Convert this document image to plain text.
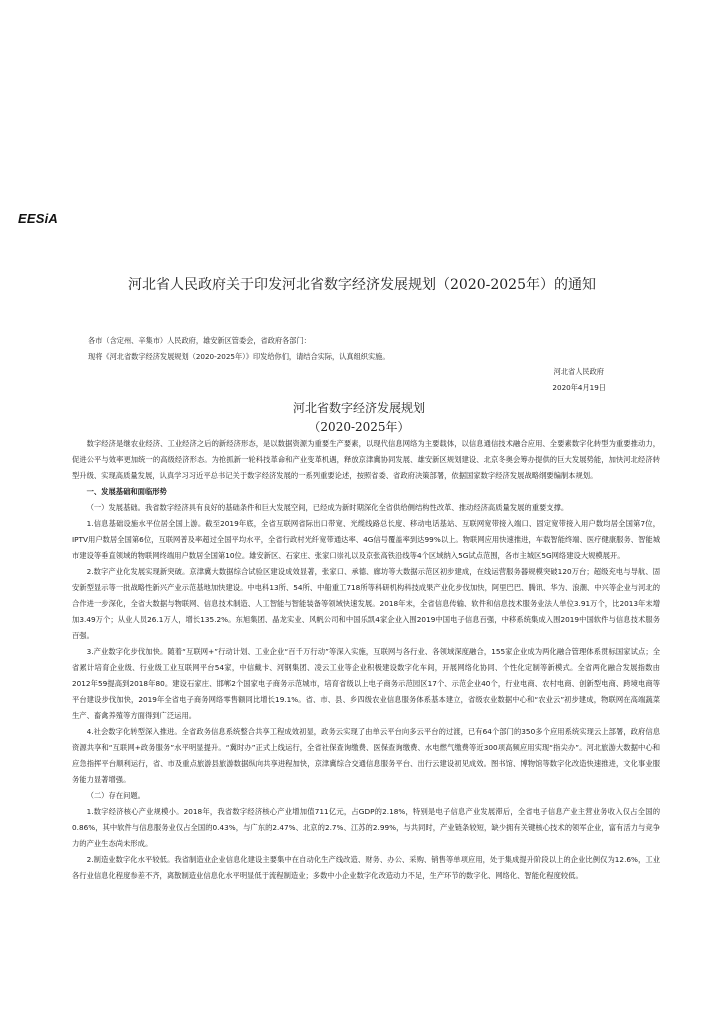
EESiA
河北省人民政府关于印发河北省数字经济发展规划（2020-2025年）的通知
各市（含定州、辛集市）人民政府，雄安新区管委会，省政府各部门：
现将《河北省数字经济发展规划（2020-2025年）》印发给你们，请结合实际，认真组织实施。
河北省人民政府
2020年4月19日
河北省数字经济发展规划
（2020-2025年）

数字经济是继农业经济、工业经济之后的新经济形态，是以数据资源为重要生产要素，以现代信息网络为主要载体，以信息通信技术融合应用、全要素数字化转型为重要推动力，促进公平与效率更加统一的高级经济形态。为抢抓新一轮科技革命和产业变革机遇，释放京津冀协同发展、雄安新区规划建设、北京冬奥会筹办提供的巨大发展势能，加快河北经济转型升级、实现高质量发展，认真学习习近平总书记关于数字经济发展的一系列重要论述，按照省委、省政府决策部署，依据国家数字经济发展战略纲要编制本规划。

一、发展基础和面临形势

（一）发展基础。我省数字经济具有良好的基础条件和巨大发展空间，已经成为新时期深化全省供给侧结构性改革、推动经济高质量发展的重要支撑。

1.信息基础设施水平位居全国上游。截至2019年底，全省互联网省际出口带宽、光缆线路总长度、移动电话基站、互联网宽带接入端口、固定宽带接入用户数均居全国第7位，IPTV用户数居全国第6位，互联网普及率超过全国平均水平，全省行政村光纤宽带通达率、4G信号覆盖率到达99%以上。物联网应用快速推进，车载智能终端、医疗健康服务、智能城市建设等垂直领域的物联网终端用户数居全国第10位。雄安新区、石家庄、张家口崇礼以及京张高铁沿线等4个区域纳入5G试点范围，各市主城区5G网络建设大规模展开。

2.数字产业化发展实现新突破。京津冀大数据综合试验区建设成效显著，张家口、承德、廊坊等大数据示范区初步建成，在线运营服务器规模突破120万台；超级充电与导航、固安新型显示等一批战略性新兴产业示范基地加快建设。中电科13所、54所、中船重工718所等科研机构科技成果产业化步伐加快，阿里巴巴、腾讯、华为、浪潮、中兴等企业与河北的合作进一步深化，全省大数据与物联网、信息技术制造、人工智能与智能装备等领域快速发展。2018年末，全省信息传输、软件和信息技术服务业法人单位3.91万个，比2013年末增加3.49万个；从业人员26.1万人，增长135.2%。东旭集团、晶龙实业、风帆公司和中国乐凯4家企业入围2019中国电子信息百强，中移系统集成入围2019中国软件与信息技术服务百强。

3.产业数字化步伐加快。随着“互联网+”行动计划、工业企业“百千万行动”等深入实施，互联网与各行业、各领域深度融合，155家企业成为两化融合管理体系贯标国家试点；全省累计培育企业级、行业级工业互联网平台54家，中信戴卡、河钢集团、凌云工业等企业积极建设数字化车间，开展网络化协同、个性化定制等新模式。全省两化融合发展指数由2012年59提高到2018年80。建设石家庄、邯郸2个国家电子商务示范城市，培育省级以上电子商务示范园区17个、示范企业40个，行业电商、农村电商、创新型电商、跨境电商等平台建设步伐加快，2019年全省电子商务网络零售额同比增长19.1%。省、市、县、乡四级农业信息服务体系基本建立，省级农业数据中心和“农业云”初步建成，物联网在高端蔬菜生产、畜禽养殖等方面得到广泛运用。

4.社会数字化转型深入推进。全省政务信息系统整合共享工程成效初显，政务云实现了由单云平台向多云平台的过渡，已有64个部门的350多个应用系统实现云上部署，政府信息资源共享和“互联网+政务服务”水平明显提升。“冀时办”正式上线运行，全省社保查询缴费、医保查询缴费、水电燃气缴费等近300项高频应用实现“指尖办”。河北旅游大数据中心和应急指挥平台顺利运行，省、市及重点旅游县旅游数据纵向共享进程加快，京津冀综合交通信息服务平台、出行云建设初见成效。图书馆、博物馆等数字化改造快速推进，文化事业服务能力显著增强。

（二）存在问题。

1.数字经济核心产业规模小。2018年，我省数字经济核心产业增加值711亿元，占GDP的2.18%，特别是电子信息产业发展滞后，全省电子信息产业主营业务收入仅占全国的0.86%，其中软件与信息服务业仅占全国的0.43%，与广东的2.47%、北京的2.7%、江苏的2.99%，与共同时，产业链条较短，缺少拥有关键核心技术的领军企业，富有活力与竞争力的产业生态尚未形成。

2.制造业数字化水平较低。我省制造业企业信息化建设主要集中在自动化生产线改造、财务、办公、采购、销售等单项应用，处于集成提升阶段以上的企业比例仅为12.6%，工业各行业信息化程度参差不齐，离散制造业信息化水平明显低于流程制造业；多数中小企业数字化改造动力不足，生产环节的数字化、网络化、智能化程度较低。
